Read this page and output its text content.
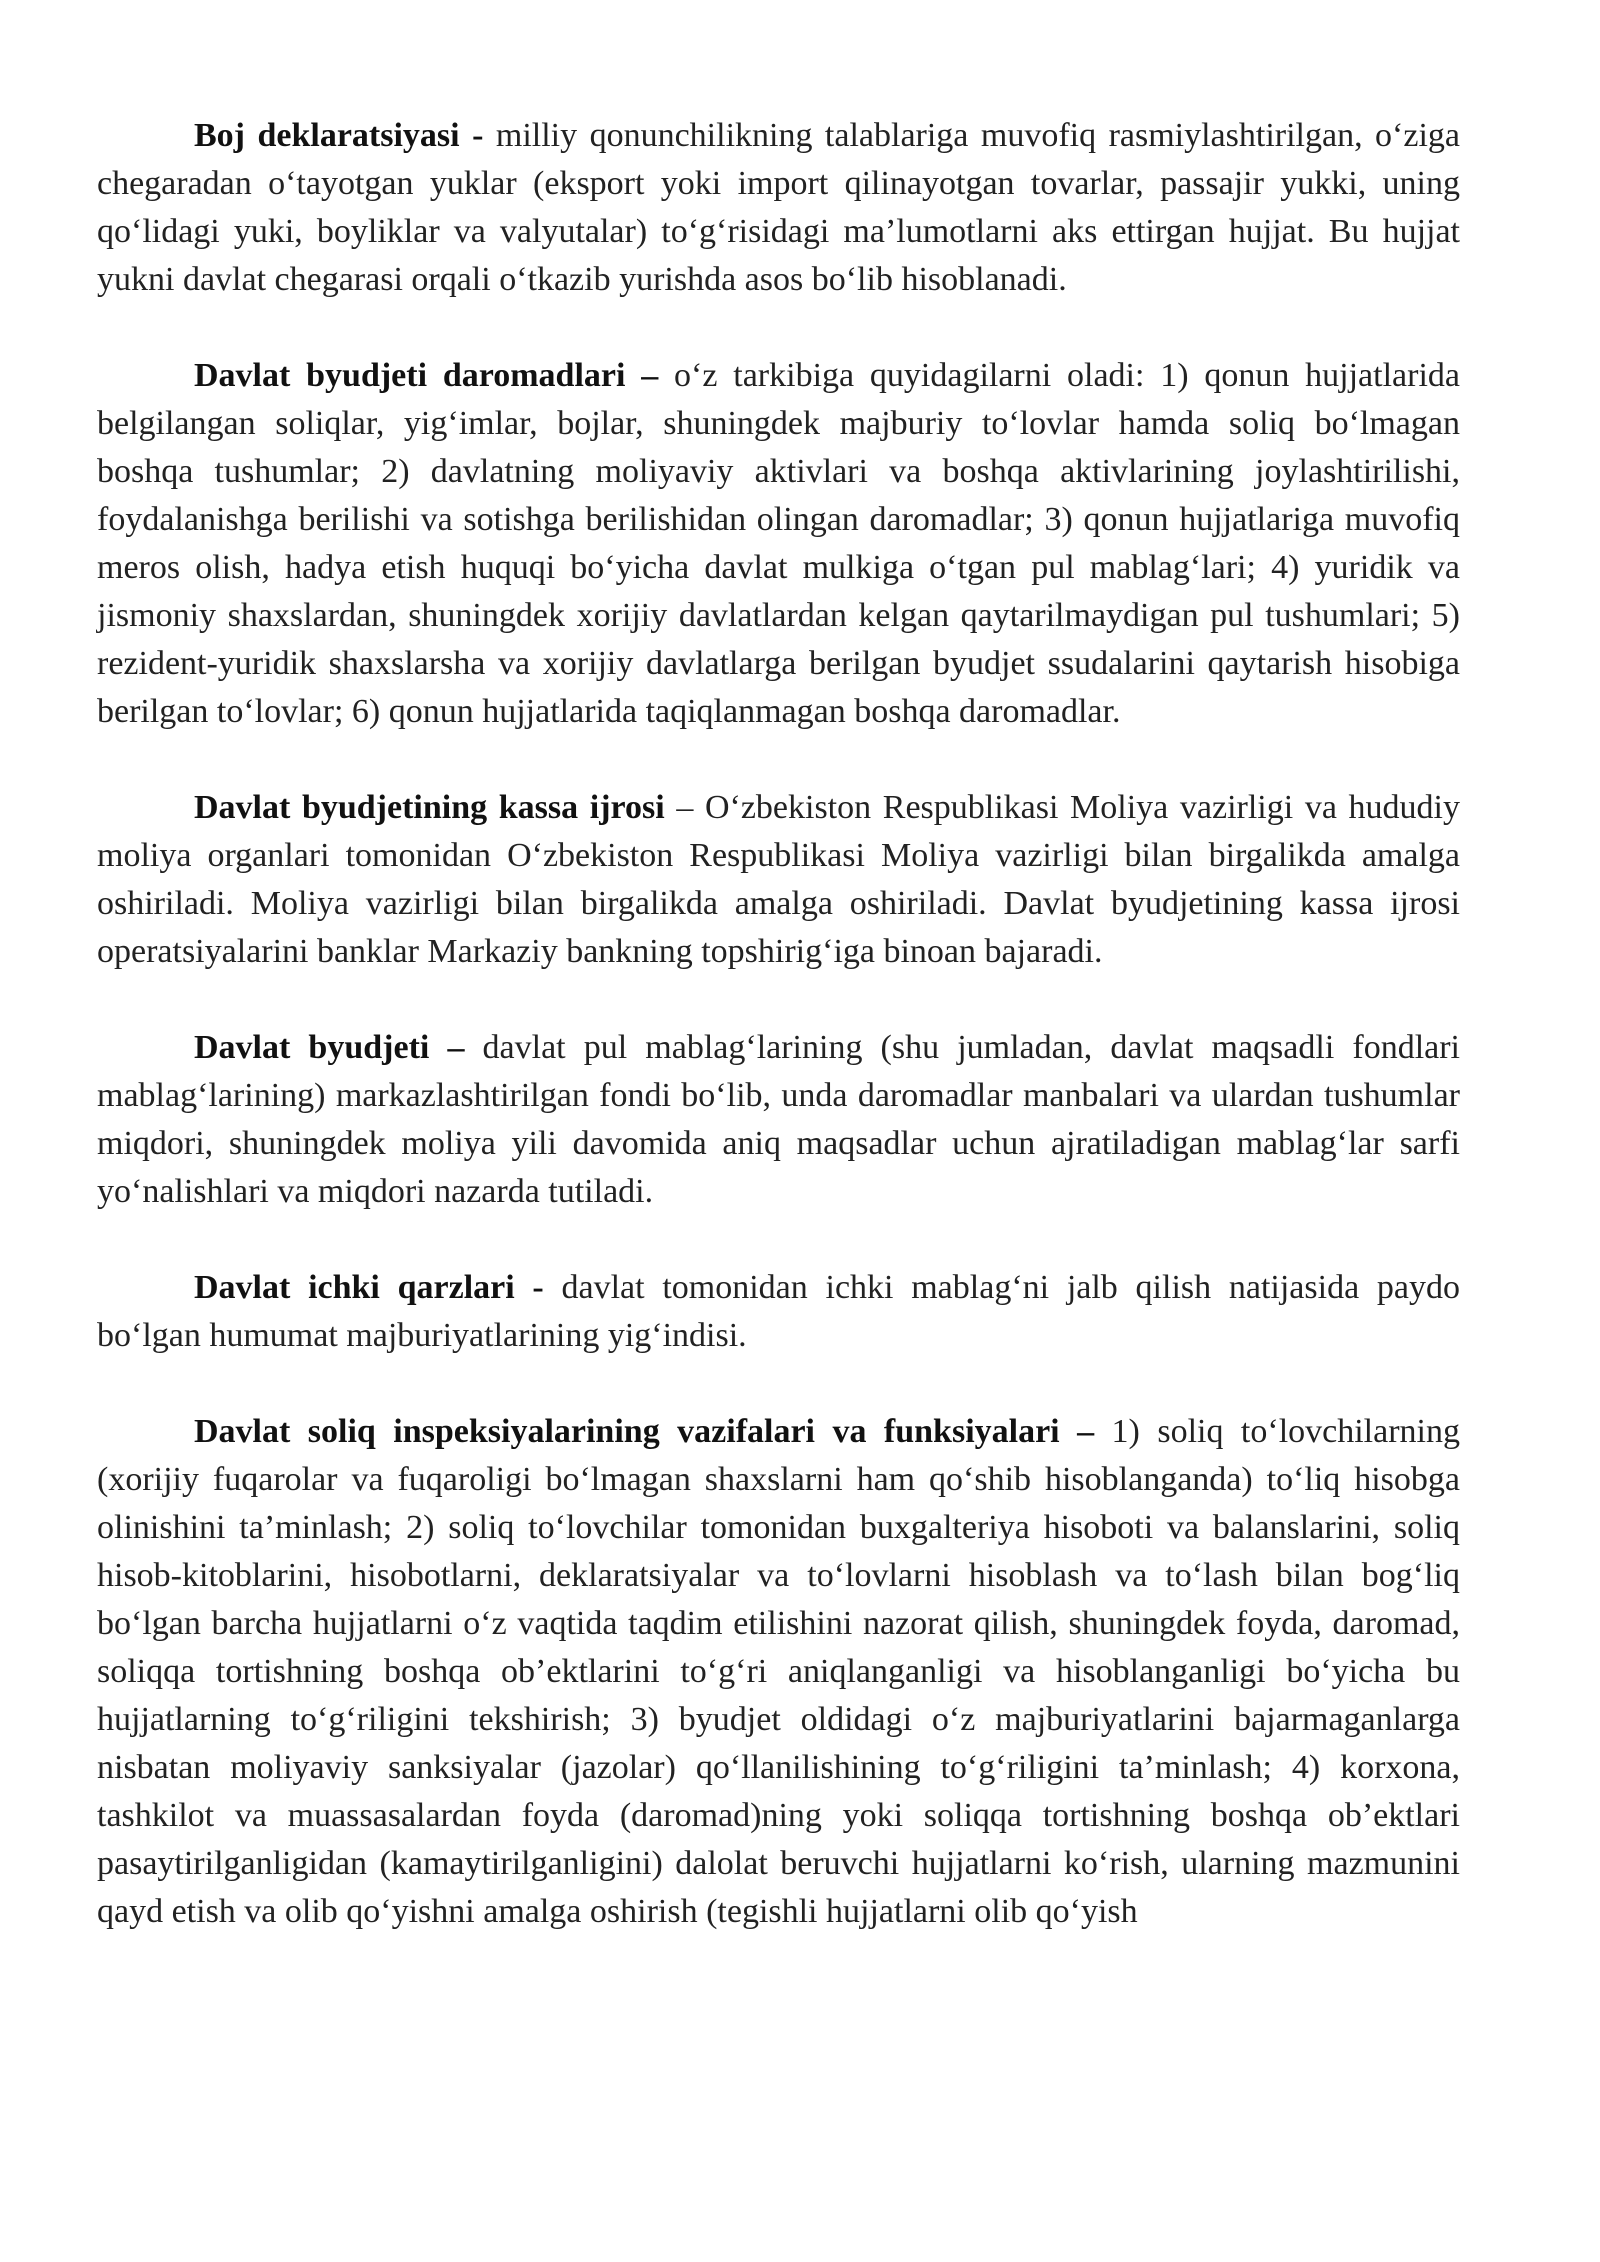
Boj deklaratsiyasi - milliy qonunchilikning talablariga muvofiq rasmiylashtirilgan, o‘ziga chegaradan o‘tayotgan yuklar (eksport yoki import qilinayotgan tovarlar, passajir yukki, uning qo‘lidagi yuki, boyliklar va valyutalar) to‘g‘risidagi ma’lumotlarni aks ettirgan hujjat. Bu hujjat yukni davlat chegarasi orqali o‘tkazib yurishda asos bo‘lib hisoblanadi.

Davlat byudjeti daromadlari – o‘z tarkibiga quyidagilarni oladi: 1) qonun hujjatlarida belgilangan soliqlar, yig‘imlar, bojlar, shuningdek majburiy to‘lovlar hamda soliq bo‘lmagan boshqa tushumlar; 2) davlatning moliyaviy aktivlari va boshqa aktivlarining joylashtirilishi, foydalanishga berilishi va sotishga berilishidan olingan daromadlar; 3) qonun hujjatlariga muvofiq meros olish, hadya etish huquqi bo‘yicha davlat mulkiga o‘tgan pul mablag‘lari; 4) yuridik va jismoniy shaxslardan, shuningdek xorijiy davlatlardan kelgan qaytarilmaydigan pul tushumlari; 5) rezident-yuridik shaxslarsha va xorijiy davlatlarga berilgan byudjet ssudalarini qaytarish hisobiga berilgan to‘lovlar; 6) qonun hujjatlarida taqiqlanmagan boshqa daromadlar.

Davlat byudjetining kassa ijrosi – O‘zbekiston Respublikasi Moliya vazirligi va hududiy moliya organlari tomonidan O‘zbekiston Respublikasi Moliya vazirligi bilan birgalikda amalga oshiriladi. Moliya vazirligi bilan birgalikda amalga oshiriladi. Davlat byudjetining kassa ijrosi operatsiyalarini banklar Markaziy bankning topshirig‘iga binoan bajaradi.

Davlat byudjeti – davlat pul mablag‘larining (shu jumladan, davlat maqsadli fondlari mablag‘larining) markazlashtirilgan fondi bo‘lib, unda daromadlar manbalari va ulardan tushumlar miqdori, shuningdek moliya yili davomida aniq maqsadlar uchun ajratiladigan mablag‘lar sarfi yo‘nalishlari va miqdori nazarda tutiladi.

Davlat ichki qarzlari - davlat tomonidan ichki mablag‘ni jalb qilish natijasida paydo bo‘lgan humumat majburiyatlarining yig‘indisi.

Davlat soliq inspeksiyalarining vazifalari va funksiyalari – 1) soliq to‘lovchilarning (xorijiy fuqarolar va fuqaroligi bo‘lmagan shaxslarni ham qo‘shib hisoblanganda) to‘liq hisobga olinishini ta’minlash; 2) soliq to‘lovchilar tomonidan buxgalteriya hisoboti va balanslarini, soliq hisob-kitoblarini, hisobotlarni, deklaratsiyalar va to‘lovlarni hisoblash va to‘lash bilan bog‘liq bo‘lgan barcha hujjatlarni o‘z vaqtida taqdim etilishini nazorat qilish, shuningdek foyda, daromad, soliqqa tortishning boshqa ob’ektlarini to‘g‘ri aniqlanganligi va hisoblanganligi bo‘yicha bu hujjatlarning to‘g‘riligini tekshirish; 3) byudjet oldidagi o‘z majburiyatlarini bajarmaganlarga nisbatan moliyaviy sanksiyalar (jazolar) qo‘llanilishining to‘g‘riligini ta’minlash; 4) korxona, tashkilot va muassasalardan foyda (daromad)ning yoki soliqqa tortishning boshqa ob’ektlari pasaytirilganligidan (kamaytirilganligini) dalolat beruvchi hujjatlarni ko‘rish, ularning mazmunini qayd etish va olib qo‘yishni amalga oshirish (tegishli hujjatlarni olib qo‘yish
